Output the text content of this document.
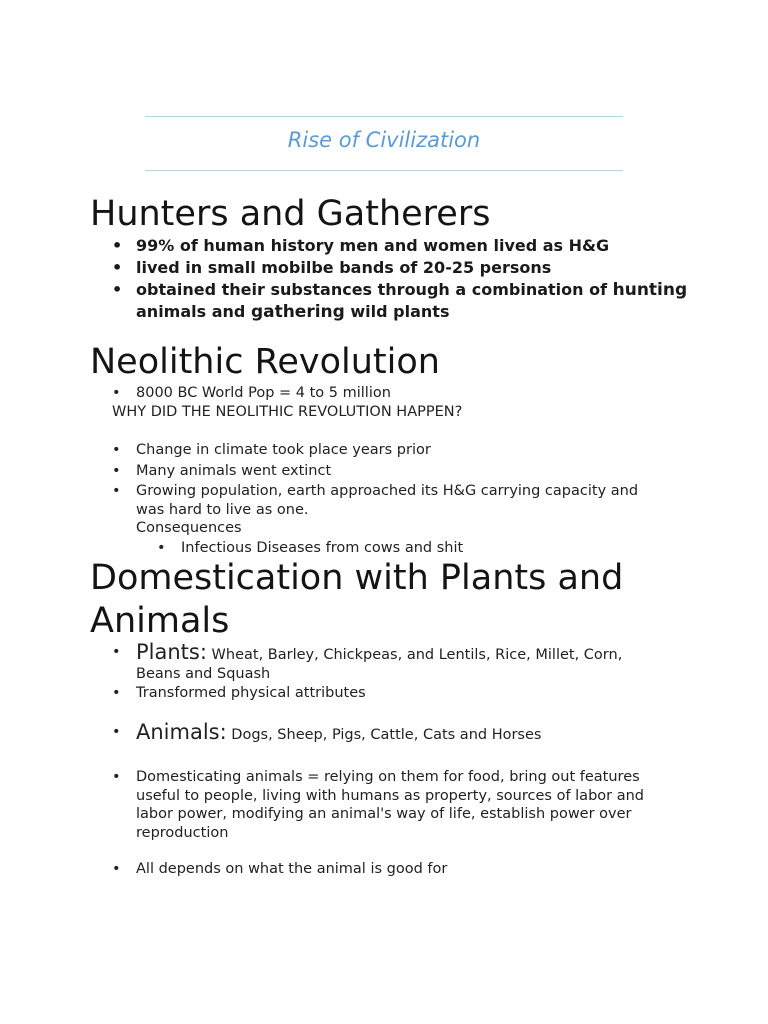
Rise of Civilization
Hunters and Gatherers
• 99% of human history men and women lived as H&G
• lived in small mobilbe bands of 20-25 persons
• obtained their substances through a combination of hunting animals and gathering wild plants
Neolithic Revolution
• 8000 BC World Pop = 4 to 5 million
WHY DID THE NEOLITHIC REVOLUTION HAPPEN?
• Change in climate took place years prior
• Many animals went extinct
• Growing population, earth approached its H&G carrying capacity and was hard to live as one.
Consequences
• Infectious Diseases from cows and shit
Domestication with Plants and
Animals
• Plants: Wheat, Barley, Chickpeas, and Lentils, Rice, Millet, Corn, Beans and Squash
• Transformed physical attributes
• Animals: Dogs, Sheep, Pigs, Cattle, Cats and Horses
• Domesticating animals = relying on them for food, bring out features useful to people, living with humans as property, sources of labor and labor power, modifying an animal's way of life, establish power over reproduction
• All depends on what the animal is good for
